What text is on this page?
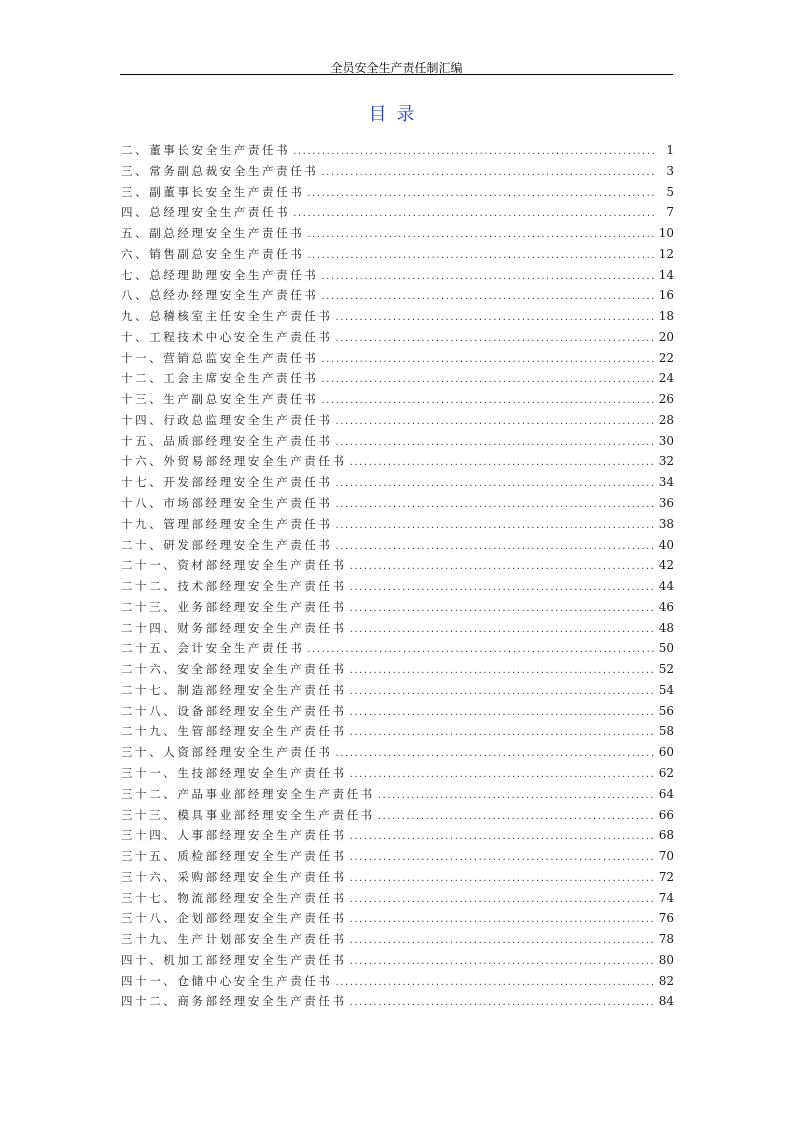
全员安全生产责任制汇编
目录
二、董事长安全生产责任书 .....	1
三、常务副总裁安全生产责任书 .....	3
三、副董事长安全生产责任书 .....	5
四、总经理安全生产责任书 .....	7
五、副总经理安全生产责任书 .....	10
六、销售副总安全生产责任书 .....	12
七、总经理助理安全生产责任书 .....	14
八、总经办经理安全生产责任书 .....	16
九、总稽核室主任安全生产责任书 .....	18
十、工程技术中心安全生产责任书 .....	20
十一、营销总监安全生产责任书 .....	22
十二、工会主席安全生产责任书 .....	24
十三、生产副总安全生产责任书 .....	26
十四、行政总监理安全生产责任书 .....	28
十五、品质部经理安全生产责任书 .....	30
十六、外贸易部经理安全生产责任书 .....	32
十七、开发部经理安全生产责任书 .....	34
十八、市场部经理安全生产责任书 .....	36
十九、管理部经理安全生产责任书 .....	38
二十、研发部经理安全生产责任书 .....	40
二十一、资材部经理安全生产责任书 .....	42
二十二、技术部经理安全生产责任书 .....	44
二十三、业务部经理安全生产责任书 .....	46
二十四、财务部经理安全生产责任书 .....	48
二十五、会计安全生产责任书 .....	50
二十六、安全部经理安全生产责任书 .....	52
二十七、制造部经理安全生产责任书 .....	54
二十八、设备部经理安全生产责任书 .....	56
二十九、生管部经理安全生产责任书 .....	58
三十、人资部经理安全生产责任书 .....	60
三十一、生技部经理安全生产责任书 .....	62
三十二、产品事业部经理安全生产责任书 .....	64
三十三、模具事业部经理安全生产责任书 .....	66
三十四、人事部经理安全生产责任书 .....	68
三十五、质检部经理安全生产责任书 .....	70
三十六、采购部经理安全生产责任书 .....	72
三十七、物流部经理安全生产责任书 .....	74
三十八、企划部经理安全生产责任书 .....	76
三十九、生产计划部安全生产责任书 .....	78
四十、机加工部经理安全生产责任书 .....	80
四十一、仓储中心安全生产责任书 .....	82
四十二、商务部经理安全生产责任书 .....	84
